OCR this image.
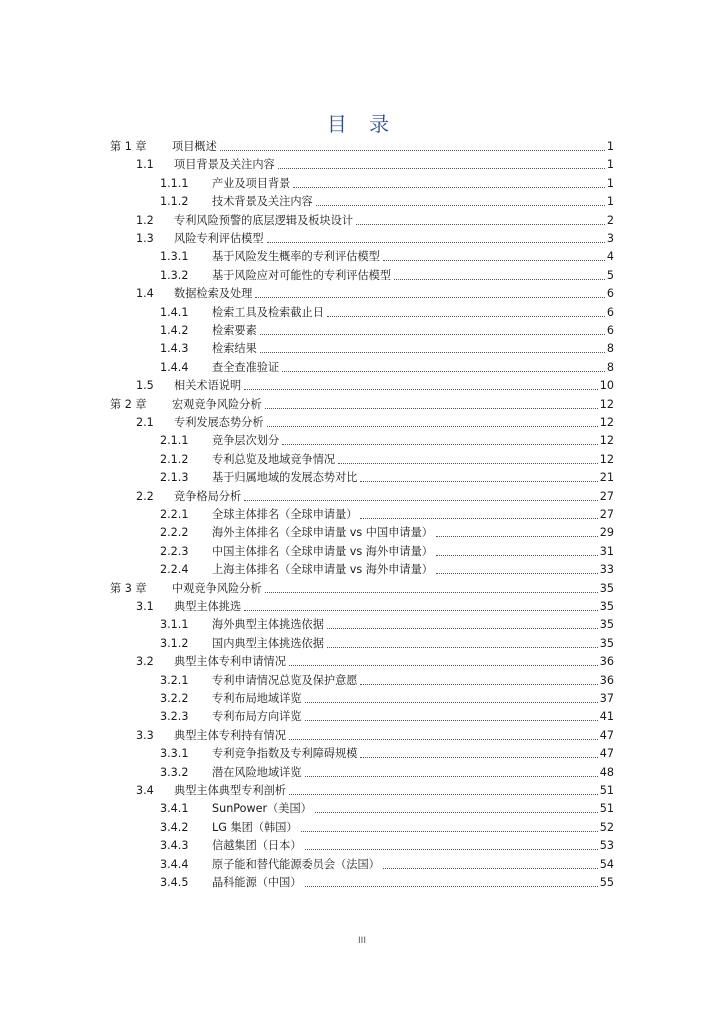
目 录
第 1 章	项目概述	1
1.1	项目背景及关注内容	1
1.1.1	产业及项目背景	1
1.1.2	技术背景及关注内容	1
1.2	专利风险预警的底层逻辑及板块设计	2
1.3	风险专利评估模型	3
1.3.1	基于风险发生概率的专利评估模型	4
1.3.2	基于风险应对可能性的专利评估模型	5
1.4	数据检索及处理	6
1.4.1	检索工具及检索截止日	6
1.4.2	检索要素	6
1.4.3	检索结果	8
1.4.4	查全查准验证	8
1.5	相关术语说明	10
第 2 章	宏观竞争风险分析	12
2.1	专利发展态势分析	12
2.1.1	竞争层次划分	12
2.1.2	专利总览及地域竞争情况	12
2.1.3	基于归属地域的发展态势对比	21
2.2	竞争格局分析	27
2.2.1	全球主体排名（全球申请量）	27
2.2.2	海外主体排名（全球申请量 vs 中国申请量）	29
2.2.3	中国主体排名（全球申请量 vs 海外申请量）	31
2.2.4	上海主体排名（全球申请量 vs 海外申请量）	33
第 3 章	中观竞争风险分析	35
3.1	典型主体挑选	35
3.1.1	海外典型主体挑选依据	35
3.1.2	国内典型主体挑选依据	35
3.2	典型主体专利申请情况	36
3.2.1	专利申请情况总览及保护意愿	36
3.2.2	专利布局地域详览	37
3.2.3	专利布局方向详览	41
3.3	典型主体专利持有情况	47
3.3.1	专利竞争指数及专利障碍规模	47
3.3.2	潜在风险地域详览	48
3.4	典型主体典型专利剖析	51
3.4.1	SunPower（美国）	51
3.4.2	LG 集团（韩国）	52
3.4.3	信越集团（日本）	53
3.4.4	原子能和替代能源委员会（法国）	54
3.4.5	晶科能源（中国）	55
III
